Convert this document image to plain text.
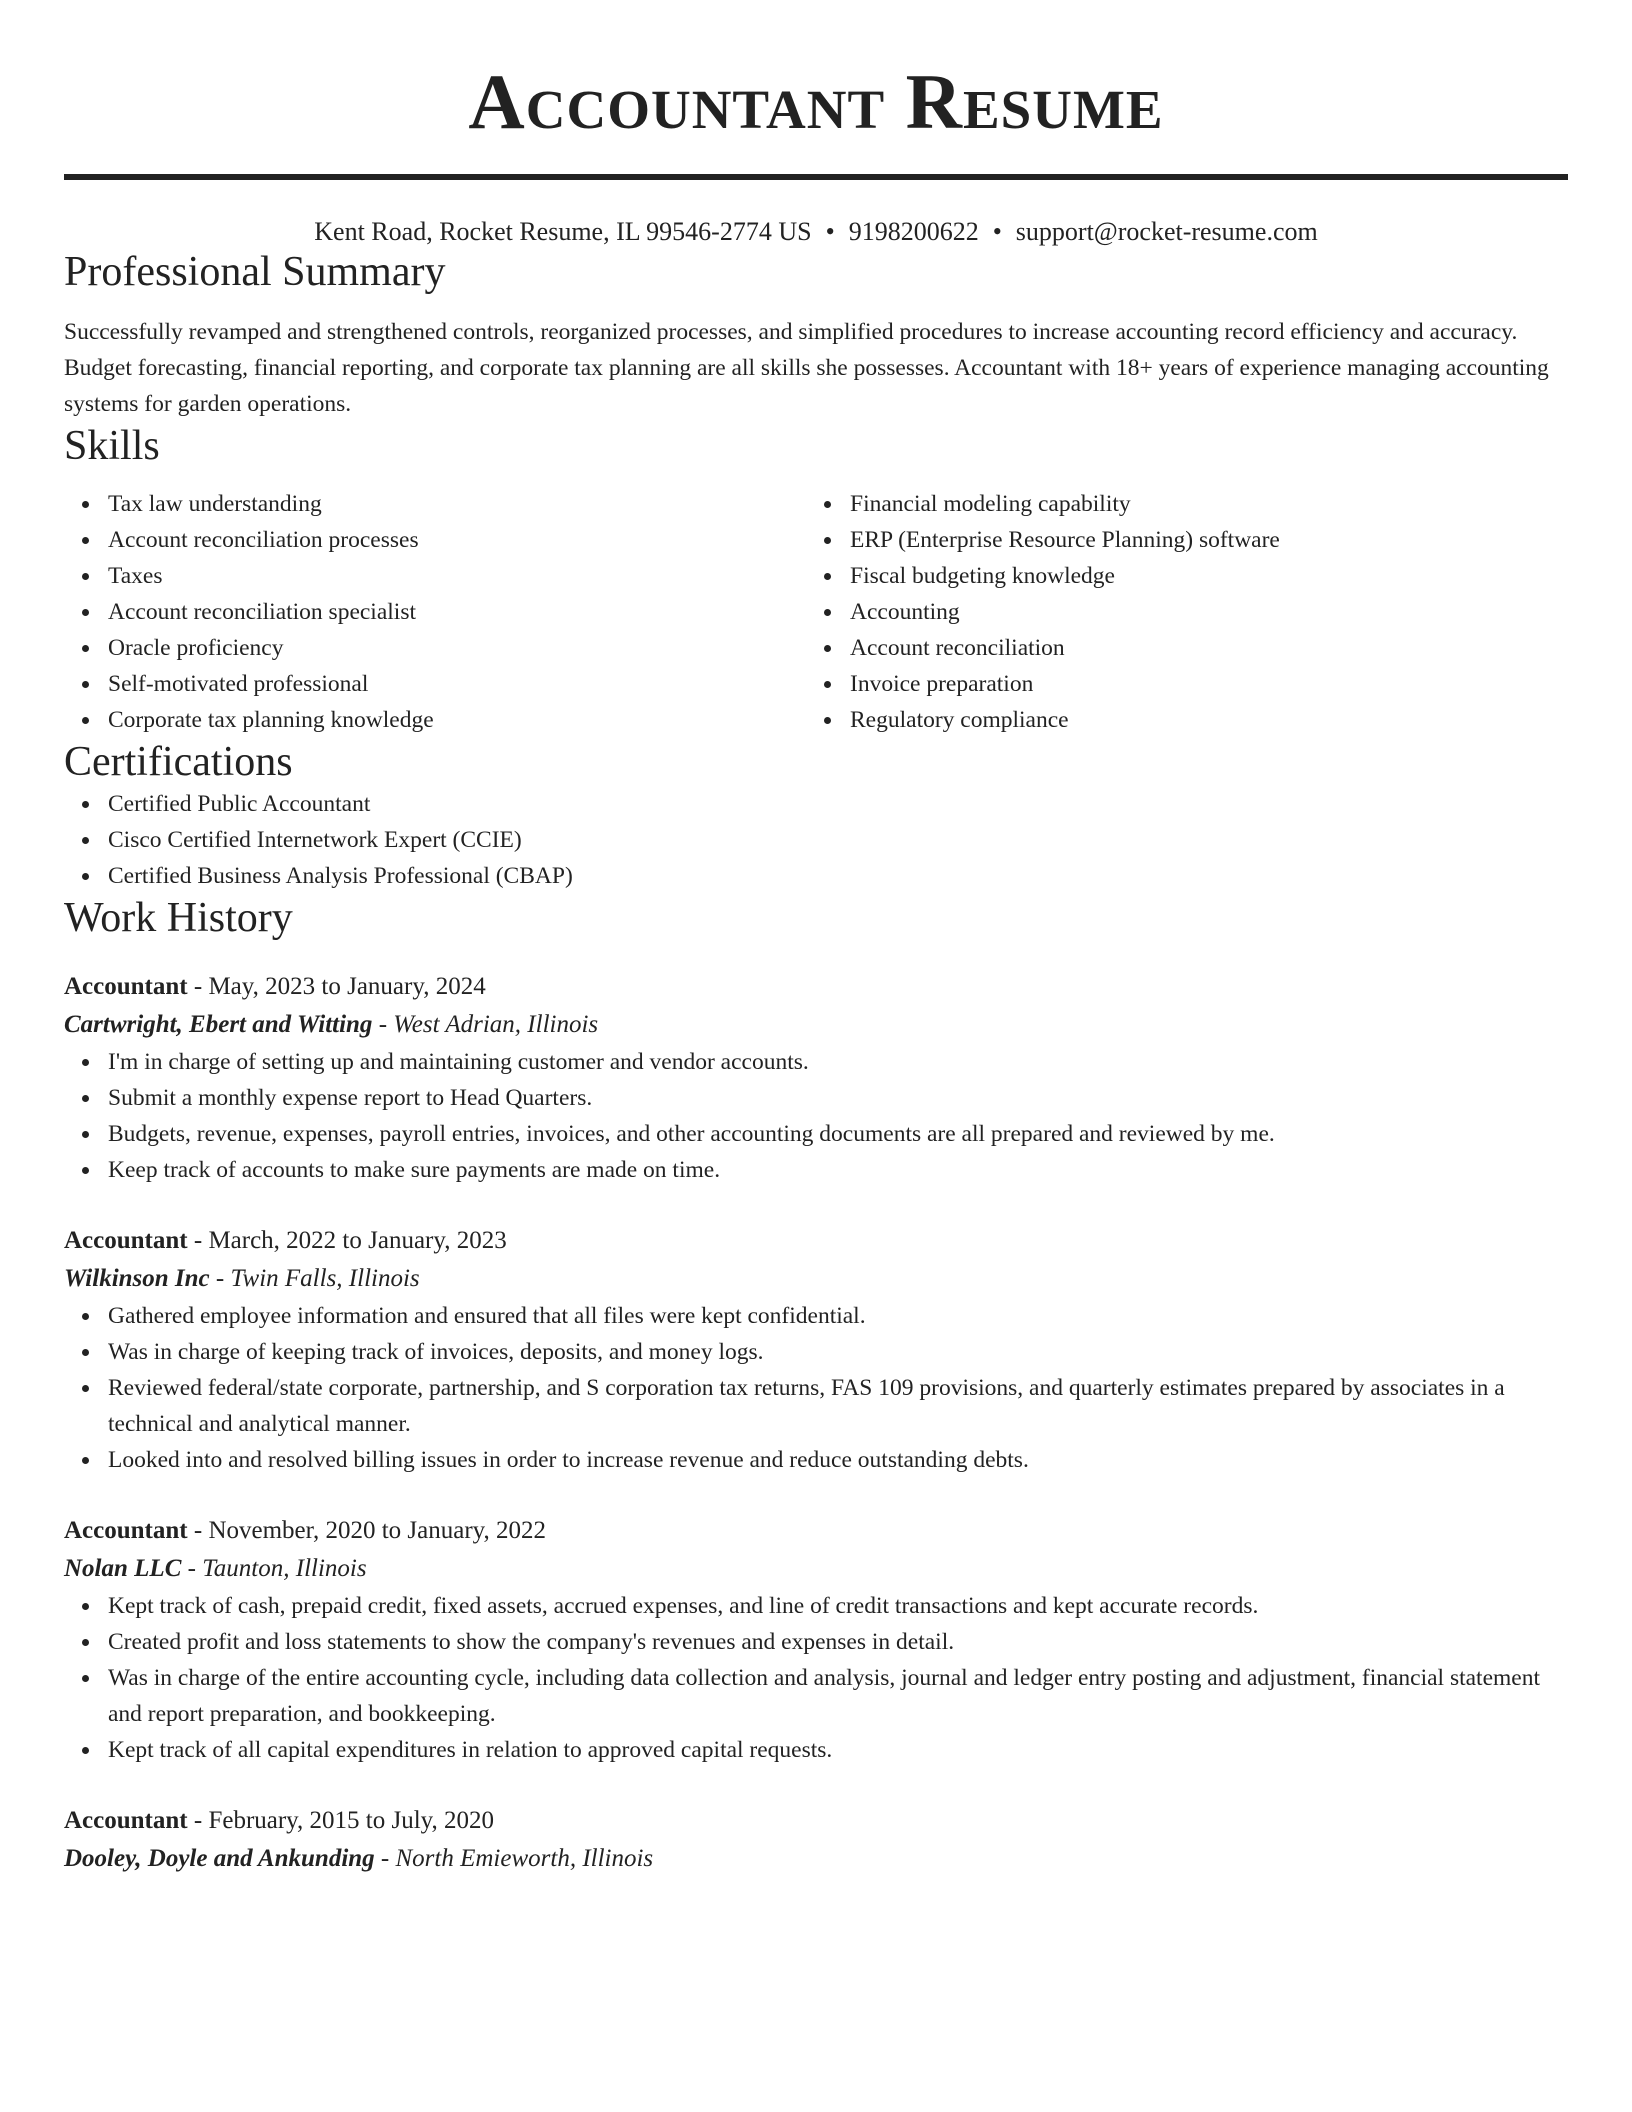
Accountant Resume
Kent Road, Rocket Resume, IL 99546-2774 US • 9198200622 • support@rocket-resume.com
Professional Summary

Successfully revamped and strengthened controls, reorganized processes, and simplified procedures to increase accounting record efficiency and accuracy. Budget forecasting, financial reporting, and corporate tax planning are all skills she possesses. Accountant with 18+ years of experience managing accounting systems for garden operations.

Skills
Tax law understanding
Account reconciliation processes
Taxes
Account reconciliation specialist
Oracle proficiency
Self-motivated professional
Corporate tax planning knowledge
Financial modeling capability
ERP (Enterprise Resource Planning) software
Fiscal budgeting knowledge
Accounting
Account reconciliation
Invoice preparation
Regulatory compliance
Certifications
Certified Public Accountant
Cisco Certified Internetwork Expert (CCIE)
Certified Business Analysis Professional (CBAP)
Work History
Accountant - May, 2023 to January, 2024
Cartwright, Ebert and Witting - West Adrian, Illinois
I'm in charge of setting up and maintaining customer and vendor accounts.
Submit a monthly expense report to Head Quarters.
Budgets, revenue, expenses, payroll entries, invoices, and other accounting documents are all prepared and reviewed by me.
Keep track of accounts to make sure payments are made on time.
Accountant - March, 2022 to January, 2023
Wilkinson Inc - Twin Falls, Illinois
Gathered employee information and ensured that all files were kept confidential.
Was in charge of keeping track of invoices, deposits, and money logs.
Reviewed federal/state corporate, partnership, and S corporation tax returns, FAS 109 provisions, and quarterly estimates prepared by associates in a technical and analytical manner.
Looked into and resolved billing issues in order to increase revenue and reduce outstanding debts.
Accountant - November, 2020 to January, 2022
Nolan LLC - Taunton, Illinois
Kept track of cash, prepaid credit, fixed assets, accrued expenses, and line of credit transactions and kept accurate records.
Created profit and loss statements to show the company's revenues and expenses in detail.
Was in charge of the entire accounting cycle, including data collection and analysis, journal and ledger entry posting and adjustment, financial statement and report preparation, and bookkeeping.
Kept track of all capital expenditures in relation to approved capital requests.
Accountant - February, 2015 to July, 2020
Dooley, Doyle and Ankunding - North Emieworth, Illinois
